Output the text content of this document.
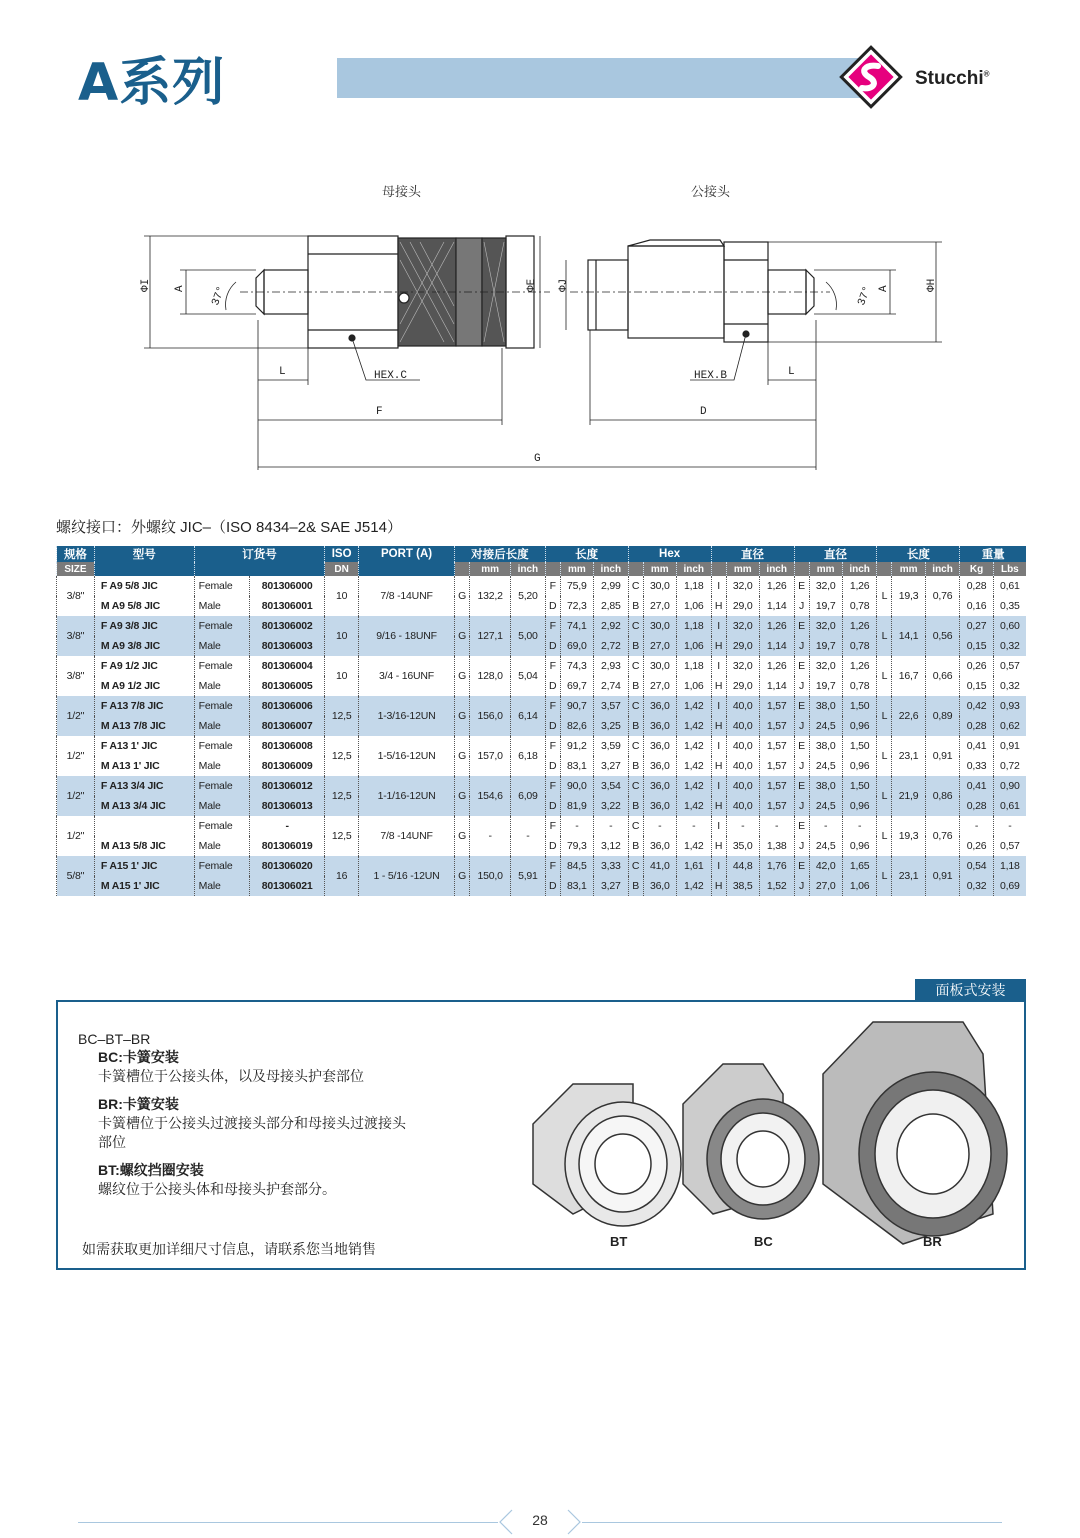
A系列	Stucchi®
母接头	公接头
ΦI A 37°	ΦE ΦJ	37° A	ΦH
L	HEX.C	HEX.B	L
F	D
G
螺纹接口：外螺纹 JIC–（ISO 8434–2& SAE J514）
规格	型号	订货号		ISO	PORT (A)	对接后长度			长度			Hex			直径			直径			长度			重量	
SIZE				DN			mm	inch		mm	inch		mm	inch		mm	inch		mm	inch		mm	inch	Kg	Lbs
3/8"	F A9 5/8 JIC	Female	801306000	10	7/8 -14UNF	G	132,2	5,20	F	75,9	2,99	C	30,0	1,18	I	32,0	1,26	E	32,0	1,26	L	19,3	0,76	0,28	0,61
	M A9 5/8 JIC	Male	801306001						D	72,3	2,85	B	27,0	1,06	H	29,0	1,14	J	19,7	0,78				0,16	0,35
3/8"	F A9 3/8 JIC	Female	801306002	10	9/16 - 18UNF	G	127,1	5,00	F	74,1	2,92	C	30,0	1,18	I	32,0	1,26	E	32,0	1,26	L	14,1	0,56	0,27	0,60
	M A9 3/8 JIC	Male	801306003						D	69,0	2,72	B	27,0	1,06	H	29,0	1,14	J	19,7	0,78				0,15	0,32
3/8"	F A9 1/2 JIC	Female	801306004	10	3/4 - 16UNF	G	128,0	5,04	F	74,3	2,93	C	30,0	1,18	I	32,0	1,26	E	32,0	1,26	L	16,7	0,66	0,26	0,57
	M A9 1/2 JIC	Male	801306005						D	69,7	2,74	B	27,0	1,06	H	29,0	1,14	J	19,7	0,78				0,15	0,32
1/2"	F A13 7/8 JIC	Female	801306006	12,5	1-3/16-12UN	G	156,0	6,14	F	90,7	3,57	C	36,0	1,42	I	40,0	1,57	E	38,0	1,50	L	22,6	0,89	0,42	0,93
	M A13 7/8 JIC	Male	801306007						D	82,6	3,25	B	36,0	1,42	H	40,0	1,57	J	24,5	0,96				0,28	0,62
1/2"	F A13 1' JIC	Female	801306008	12,5	1-5/16-12UN	G	157,0	6,18	F	91,2	3,59	C	36,0	1,42	I	40,0	1,57	E	38,0	1,50	L	23,1	0,91	0,41	0,91
	M A13 1' JIC	Male	801306009						D	83,1	3,27	B	36,0	1,42	H	40,0	1,57	J	24,5	0,96				0,33	0,72
1/2"	F A13 3/4 JIC	Female	801306012	12,5	1-1/16-12UN	G	154,6	6,09	F	90,0	3,54	C	36,0	1,42	I	40,0	1,57	E	38,0	1,50	L	21,9	0,86	0,41	0,90
	M A13 3/4 JIC	Male	801306013						D	81,9	3,22	B	36,0	1,42	H	40,0	1,57	J	24,5	0,96				0,28	0,61
1/2"		Female	-	12,5	7/8 -14UNF	G	-	-	F	-	-	C	-	-	I	-	-	E	-	-	L	19,3	0,76	-	-
	M A13 5/8 JIC	Male	801306019						D	79,3	3,12	B	36,0	1,42	H	35,0	1,38	J	24,5	0,96				0,26	0,57
5/8"	F A15 1' JIC	Female	801306020	16	1 - 5/16 -12UN	G	150,0	5,91	F	84,5	3,33	C	41,0	1,61	I	44,8	1,76	E	42,0	1,65	L	23,1	0,91	0,54	1,18
	M A15 1' JIC	Male	801306021						D	83,1	3,27	B	36,0	1,42	H	38,5	1,52	J	27,0	1,06				0,32	0,69
面板式安装
BC–BT–BR
BC:卡簧安装
卡簧槽位于公接头体，以及母接头护套部位
BR:卡簧安装
卡簧槽位于公接头过渡接头部分和母接头过渡接头
部位
BT:螺纹挡圈安装
螺纹位于公接头体和母接头护套部分。
如需获取更加详细尺寸信息，请联系您当地销售	BT	BC	BR
28
